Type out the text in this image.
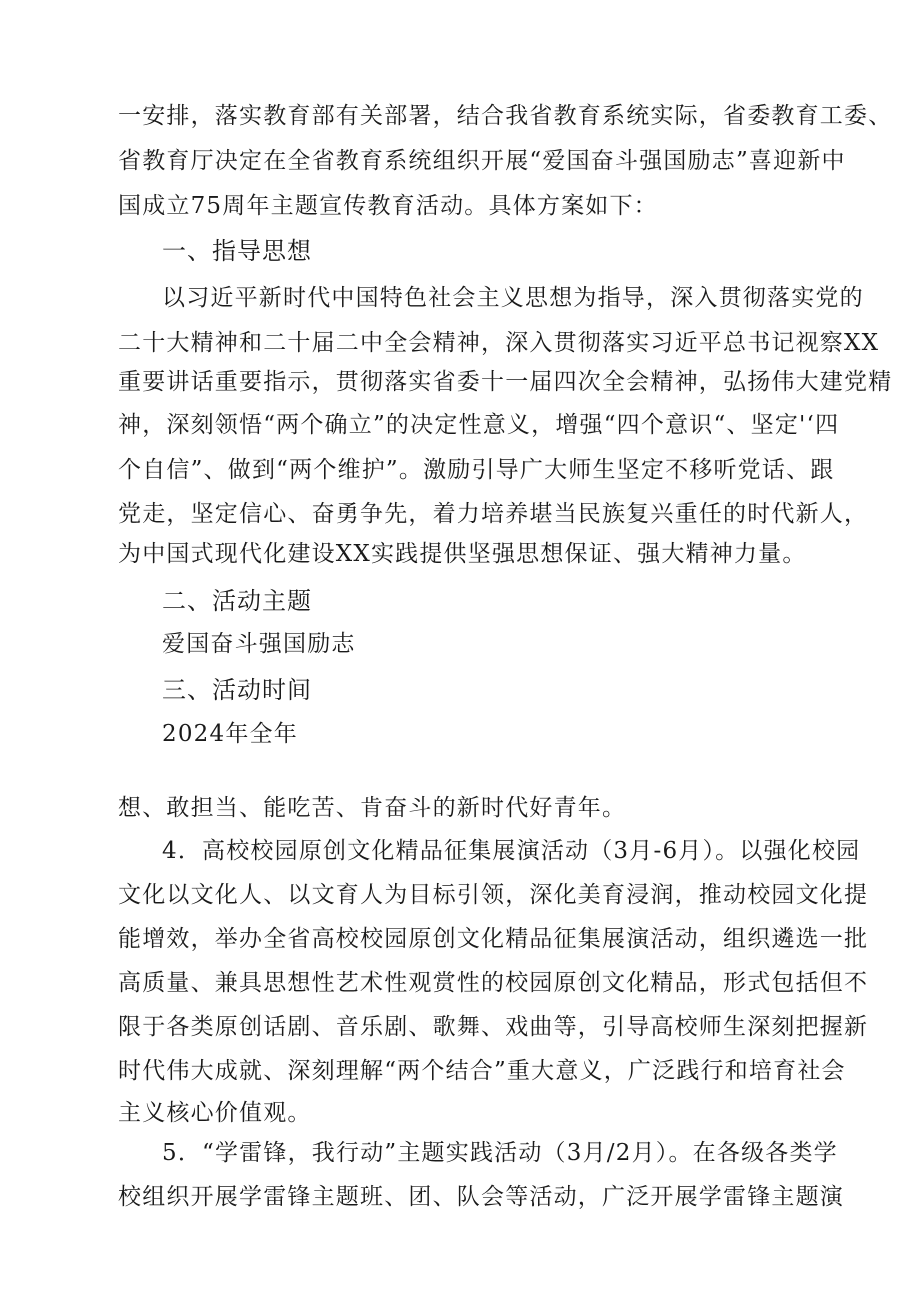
一安排，落实教育部有关部署，结合我省教育系统实际，省委教育工委、
省教育厅决定在全省教育系统组织开展“爱国奋斗强国励志”喜迎新中
国成立75周年主题宣传教育活动。具体方案如下：
一、指导思想
以习近平新时代中国特色社会主义思想为指导，深入贯彻落实党的
二十大精神和二十届二中全会精神，深入贯彻落实习近平总书记视察XX
重要讲话重要指示，贯彻落实省委十一届四次全会精神，弘扬伟大建党精
神，深刻领悟“两个确立”的决定性意义，增强“四个意识“、坚定'‘四
个自信”、做到“两个维护”。激励引导广大师生坚定不移听党话、跟
党走，坚定信心、奋勇争先，着力培养堪当民族复兴重任的时代新人，
为中国式现代化建设XX实践提供坚强思想保证、强大精神力量。
二、活动主题
爱国奋斗强国励志
三、活动时间
2024年全年
想、敢担当、能吃苦、肯奋斗的新时代好青年。
4．高校校园原创文化精品征集展演活动（3月-6月）。以强化校园
文化以文化人、以文育人为目标引领，深化美育浸润，推动校园文化提
能增效，举办全省高校校园原创文化精品征集展演活动，组织遴选一批
高质量、兼具思想性艺术性观赏性的校园原创文化精品，形式包括但不
限于各类原创话剧、音乐剧、歌舞、戏曲等，引导高校师生深刻把握新
时代伟大成就、深刻理解“两个结合”重大意义，广泛践行和培育社会
主义核心价值观。
5．“学雷锋，我行动”主题实践活动（3月/2月）。在各级各类学
校组织开展学雷锋主题班、团、队会等活动，广泛开展学雷锋主题演
